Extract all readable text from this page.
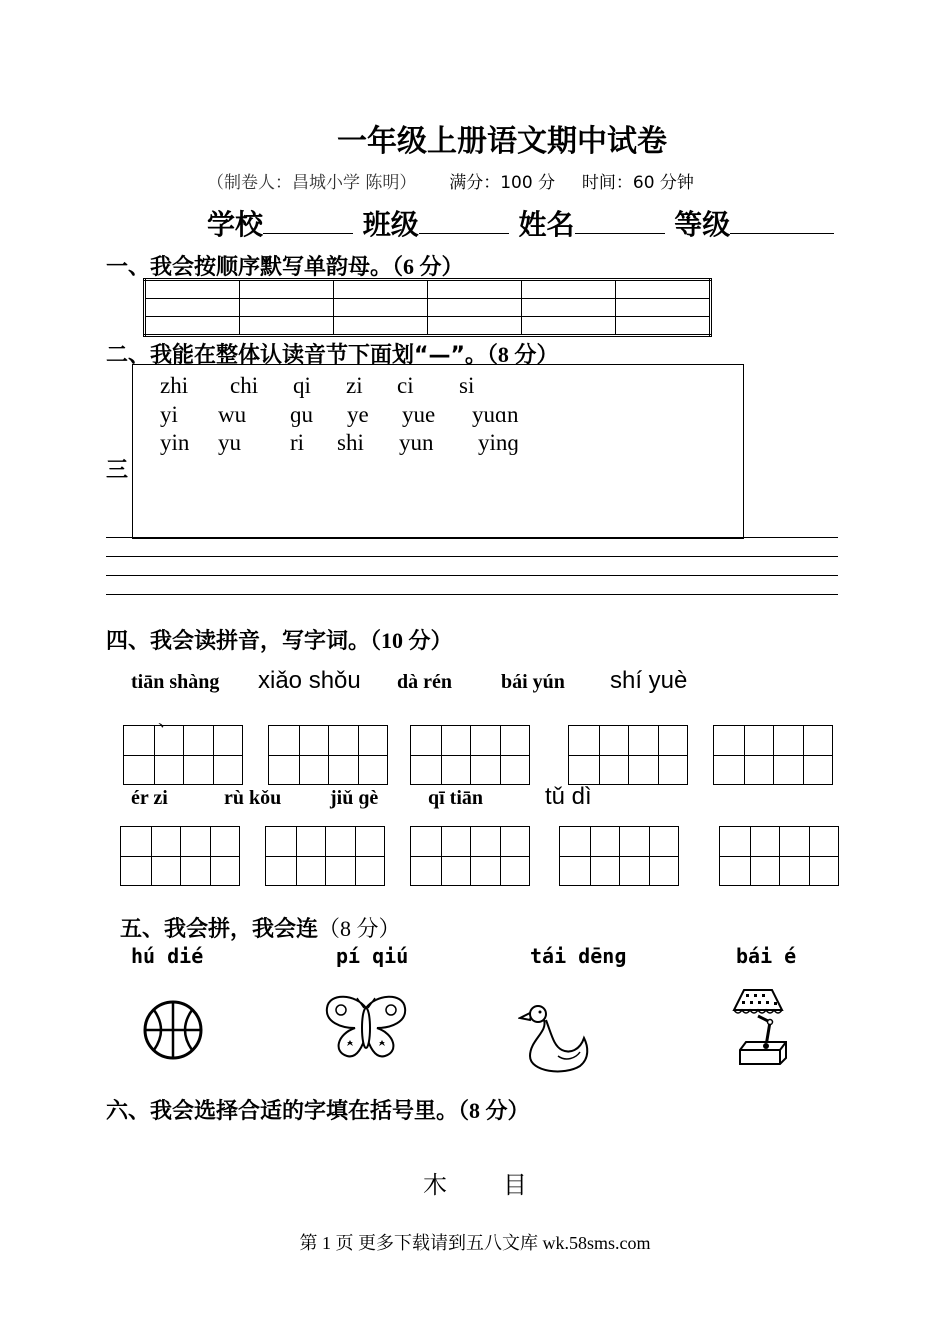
一年级上册语文期中试卷
（制卷人：昌城小学 陈明） 满分：100 分 时间：60 分钟
学校	班级	姓名	等级
一、我会按顺序默写单韵母。（6 分）

二、我能在整体认读音节下面划“—”。（8 分）
zhi chi qi zi ci si
yi wu ɡu ye yue yuɑn
yin yu ri shi yun yinɡ
三
四、我会读拼音，写字词。（10 分）
tiān shàng xiǎo shǒu dà rén bái yún shí yuè
、
ér zi	rù kǒu jiǔ ɡè qī tiān	tǔ dì
五、我会拼，我会连（8 分）
hú dié	pí qiú	tái dēnɡ	bái é
六、我会选择合适的字填在括号里。（8 分）
木 目
第 1 页 更多下载请到五八文库 wk.58sms.com
